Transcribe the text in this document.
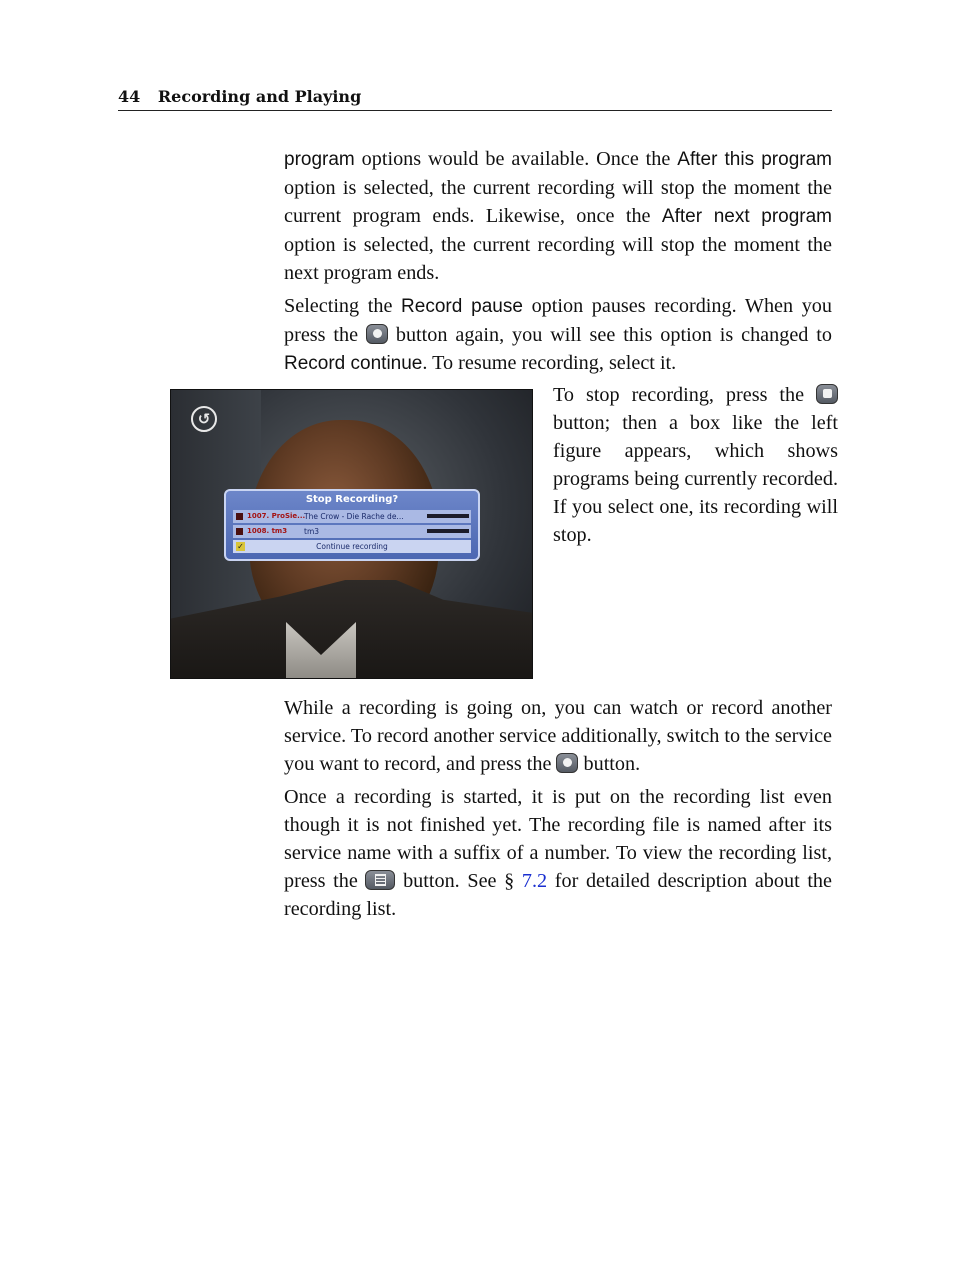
44 Recording and Playing

program options would be available. Once the After this program option is selected, the current recording will stop the moment the current program ends. Likewise, once the After next program option is selected, the current recording will stop the moment the next program ends.

Selecting the Record pause option pauses recording. When you press the  button again, you will see this option is changed to Record continue. To resume recording, select it.

↺
Stop Recording?
1007. ProSie...
The Crow - Die Rache de...
1008. tm3 tm3
✓	Continue recording

To stop recording, press the  button; then a box like the left figure appears, which shows programs being currently recorded. If you select one, its recording will stop.

While a recording is going on, you can watch or record another service. To record another service additionally, switch to the service you want to record, and press the  button.

Once a recording is started, it is put on the recording list even though it is not finished yet. The recording file is named after its service name with a suffix of a number. To view the recording list, press the  button. See § 7.2 for detailed description about the recording list.
